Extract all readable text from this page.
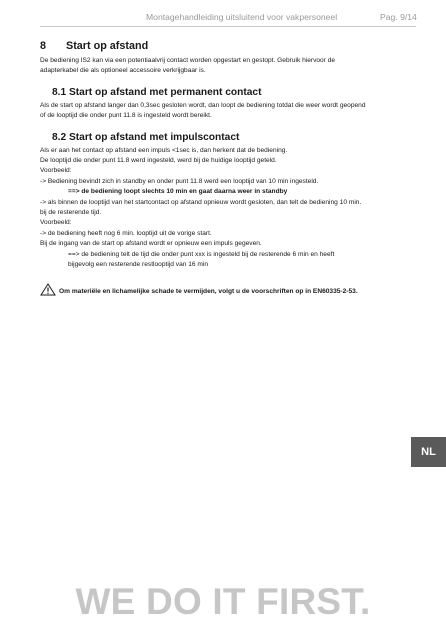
Montagehandleiding uitsluitend voor vakpersoneel	Pag. 9/14
8 Start op afstand

De bediening IS2 kan via een potentiaalvrij contact worden opgestart en gestopt. Gebruik hiervoor de

adapterkabel die als optioneel accessoire verkrijgbaar is.

8.1 Start op afstand met permanent contact

Als de start op afstand langer dan 0,3sec gesloten wordt, dan loopt de bediening totdat die weer wordt geopend

of de looptijd die onder punt 11.8 is ingesteld wordt bereikt.

8.2 Start op afstand met impulscontact

Als er aan het contact op afstand een impuls <1sec is, dan herkent dat de bediening.

De looptijd die onder punt 11.8 werd ingesteld, werd bij de huidige looptijd geteld.

Voorbeeld:

-> Bediening bevindt zich in standby en onder punt 11.8 werd een looptijd van 10 min ingesteld.

==> de bediening loopt slechts 10 min en gaat daarna weer in standby

-> als binnen de looptijd van het startcontact op afstand opnieuw wordt gesloten, dan telt de bediening 10 min.

bij de resterende tijd.

Voorbeeld:

-> de bediening heeft nog 6 min. looptijd uit de vorige start.

Bij de ingang van de start op afstand wordt er opnieuw een impuls gegeven.

==> de bediening telt de tijd die onder punt xxx is ingesteld bij de resterende 6 min en heeft

bijgevolg een resterende restlooptijd van 16 min

Om materiële en lichamelijke schade te vermijden, volgt u de voorschriften op in EN60335-2-53.
NL
WE DO IT FIRST.
